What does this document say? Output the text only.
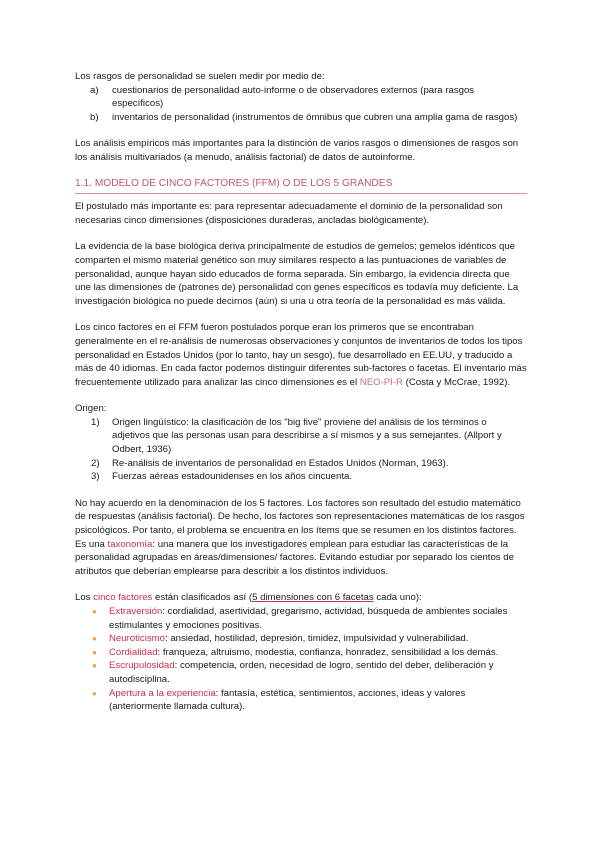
Los rasgos de personalidad se suelen medir por medio de:

a) cuestionarios de personalidad auto-informe o de observadores externos (para rasgos específicos)
b) inventarios de personalidad (instrumentos de ómnibus que cubren una amplia gama de rasgos)

Los análisis empíricos más importantes para la distinción de varios rasgos o dimensiones de rasgos son los análisis multivariados (a menudo, análisis factorial) de datos de autoinforme.

1.1. MODELO DE CINCO FACTORES (FFM) O DE LOS 5 GRANDES

El postulado más importante es: para representar adecuadamente el dominio de la personalidad son necesarias cinco dimensiones (disposiciones duraderas, ancladas biológicamente).

La evidencia de la base biológica deriva principalmente de estudios de gemelos; gemelos idénticos que comparten el mismo material genético son muy similares respecto a las puntuaciones de variables de personalidad, aunque hayan sido educados de forma separada. Sin embargo, la evidencia directa que une las dimensiones de (patrones de) personalidad con genes específicos es todavía muy deficiente. La investigación biológica no puede decirnos (aún) si una u otra teoría de la personalidad es más válida.

Los cinco factores en el FFM fueron postulados porque eran los primeros que se encontraban generalmente en el re-análisis de numerosas observaciones y conjuntos de inventarios de todos los tipos personalidad en Estados Unidos (por lo tanto, hay un sesgo), fue desarrollado en EE.UU, y traducido a más de 40 idiomas. En cada factor podemos distinguir diferentes sub-factores o facetas. El inventario más frecuentemente utilizado para analizar las cinco dimensiones es el NEO-PI-R (Costa y McCrae, 1992).

Origen:

1) Origen lingüístico: la clasificación de los "big five" proviene del análisis de los términos o adjetivos que las personas usan para describirse a sí mismos y a sus semejantes. (Allport y Odbert, 1936)
2) Re-análisis de inventarios de personalidad en Estados Unidos (Norman, 1963).
3) Fuerzas aéreas estadounidenses en los años cincuenta.

No hay acuerdo en la denominación de los 5 factores. Los factores son resultado del estudio matemático de respuestas (análisis factorial). De hecho, los factores son representaciones matemáticas de los rasgos psicológicos. Por tanto, el problema se encuentra en los ítems que se resumen en los distintos factores.

Es una taxonomía: una manera que los investigadores emplean para estudiar las características de la personalidad agrupadas en áreas/dimensiones/ factores. Evitando estudiar por separado los cientos de atributos que deberían emplearse para describir a los distintos individuos.

Los cinco factores están clasificados así (5 dimensiones con 6 facetas cada uno):

● Extraversión: cordialidad, asertividad, gregarismo, actividad, búsqueda de ambientes sociales estimulantes y emociones positivas.
● Neuroticismo: ansiedad, hostilidad, depresión, timidez, impulsividad y vulnerabilidad.
● Cordialidad: franqueza, altruismo, modestia, confianza, honradez, sensibilidad a los demás.
● Escrupulosidad: competencia, orden, necesidad de logro, sentido del deber, deliberación y autodisciplina.
● Apertura a la experiencia: fantasía, estética, sentimientos, acciones, ideas y valores (anteriormente llamada cultura).
